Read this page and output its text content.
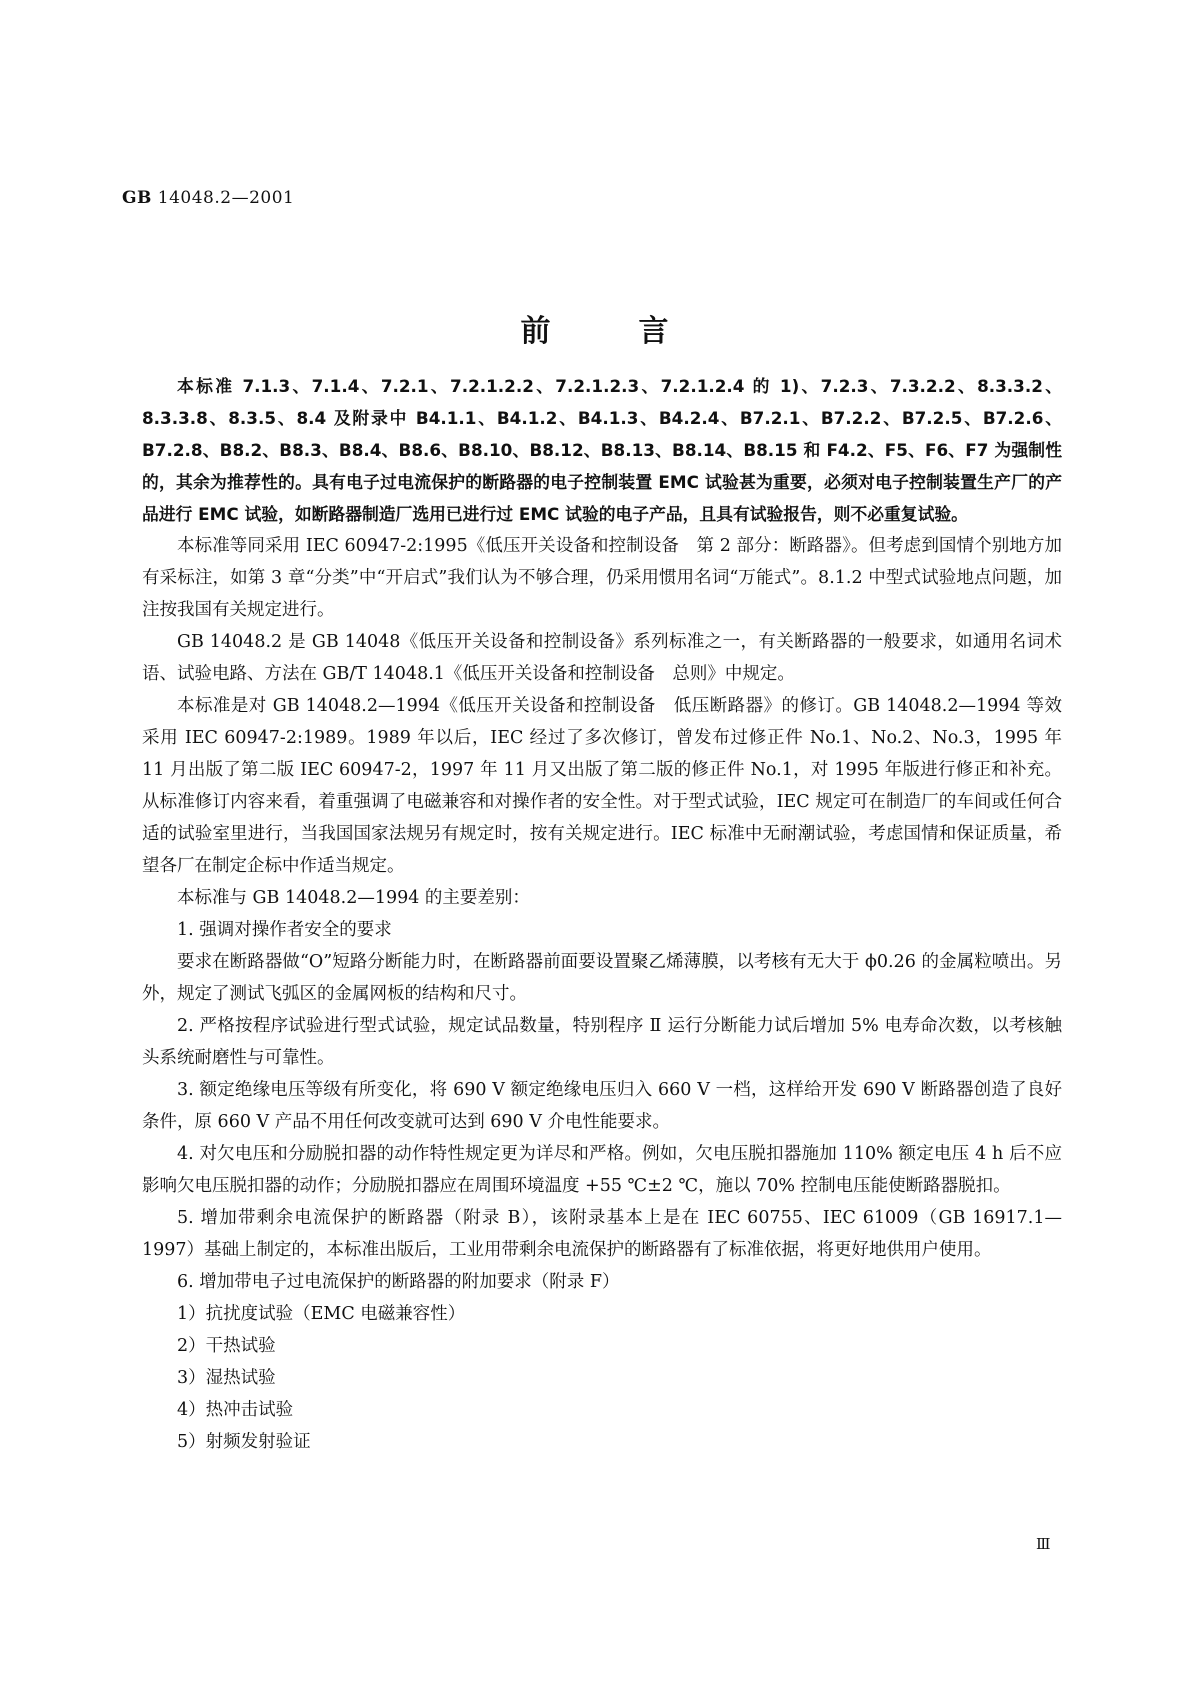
GB 14048.2—2001
前	言

本标准 7.1.3、7.1.4、7.2.1、7.2.1.2.2、7.2.1.2.3、7.2.1.2.4 的 1)、7.2.3、7.3.2.2、8.3.3.2、8.3.3.8、8.3.5、8.4 及附录中 B4.1.1、B4.1.2、B4.1.3、B4.2.4、B7.2.1、B7.2.2、B7.2.5、B7.2.6、B7.2.8、B8.2、B8.3、B8.4、B8.6、B8.10、B8.12、B8.13、B8.14、B8.15 和 F4.2、F5、F6、F7 为强制性的，其余为推荐性的。具有电子过电流保护的断路器的电子控制装置 EMC 试验甚为重要，必须对电子控制装置生产厂的产品进行 EMC 试验，如断路器制造厂选用已进行过 EMC 试验的电子产品，且具有试验报告，则不必重复试验。

本标准等同采用 IEC 60947-2:1995《低压开关设备和控制设备　第 2 部分：断路器》。但考虑到国情个别地方加有采标注，如第 3 章“分类”中“开启式”我们认为不够合理，仍采用惯用名词“万能式”。8.1.2 中型式试验地点问题，加注按我国有关规定进行。

GB 14048.2 是 GB 14048《低压开关设备和控制设备》系列标准之一，有关断路器的一般要求，如通用名词术语、试验电路、方法在 GB/T 14048.1《低压开关设备和控制设备　总则》中规定。

本标准是对 GB 14048.2—1994《低压开关设备和控制设备　低压断路器》的修订。GB 14048.2—1994 等效采用 IEC 60947-2:1989。1989 年以后，IEC 经过了多次修订，曾发布过修正件 No.1、No.2、No.3，1995 年 11 月出版了第二版 IEC 60947-2，1997 年 11 月又出版了第二版的修正件 No.1，对 1995 年版进行修正和补充。从标准修订内容来看，着重强调了电磁兼容和对操作者的安全性。对于型式试验，IEC 规定可在制造厂的车间或任何合适的试验室里进行，当我国国家法规另有规定时，按有关规定进行。IEC 标准中无耐潮试验，考虑国情和保证质量，希望各厂在制定企标中作适当规定。

本标准与 GB 14048.2—1994 的主要差别：

1. 强调对操作者安全的要求

要求在断路器做“O”短路分断能力时，在断路器前面要设置聚乙烯薄膜，以考核有无大于 ϕ0.26 的金属粒喷出。另外，规定了测试飞弧区的金属网板的结构和尺寸。

2. 严格按程序试验进行型式试验，规定试品数量，特别程序 Ⅱ 运行分断能力试后增加 5% 电寿命次数，以考核触头系统耐磨性与可靠性。

3. 额定绝缘电压等级有所变化，将 690 V 额定绝缘电压归入 660 V 一档，这样给开发 690 V 断路器创造了良好条件，原 660 V 产品不用任何改变就可达到 690 V 介电性能要求。

4. 对欠电压和分励脱扣器的动作特性规定更为详尽和严格。例如，欠电压脱扣器施加 110% 额定电压 4 h 后不应影响欠电压脱扣器的动作；分励脱扣器应在周围环境温度 +55 ℃±2 ℃，施以 70% 控制电压能使断路器脱扣。

5. 增加带剩余电流保护的断路器（附录 B），该附录基本上是在 IEC 60755、IEC 61009（GB 16917.1—1997）基础上制定的，本标准出版后，工业用带剩余电流保护的断路器有了标准依据，将更好地供用户使用。

6. 增加带电子过电流保护的断路器的附加要求（附录 F）

1）抗扰度试验（EMC 电磁兼容性）

2）干热试验

3）湿热试验

4）热冲击试验

5）射频发射验证

Ⅲ
